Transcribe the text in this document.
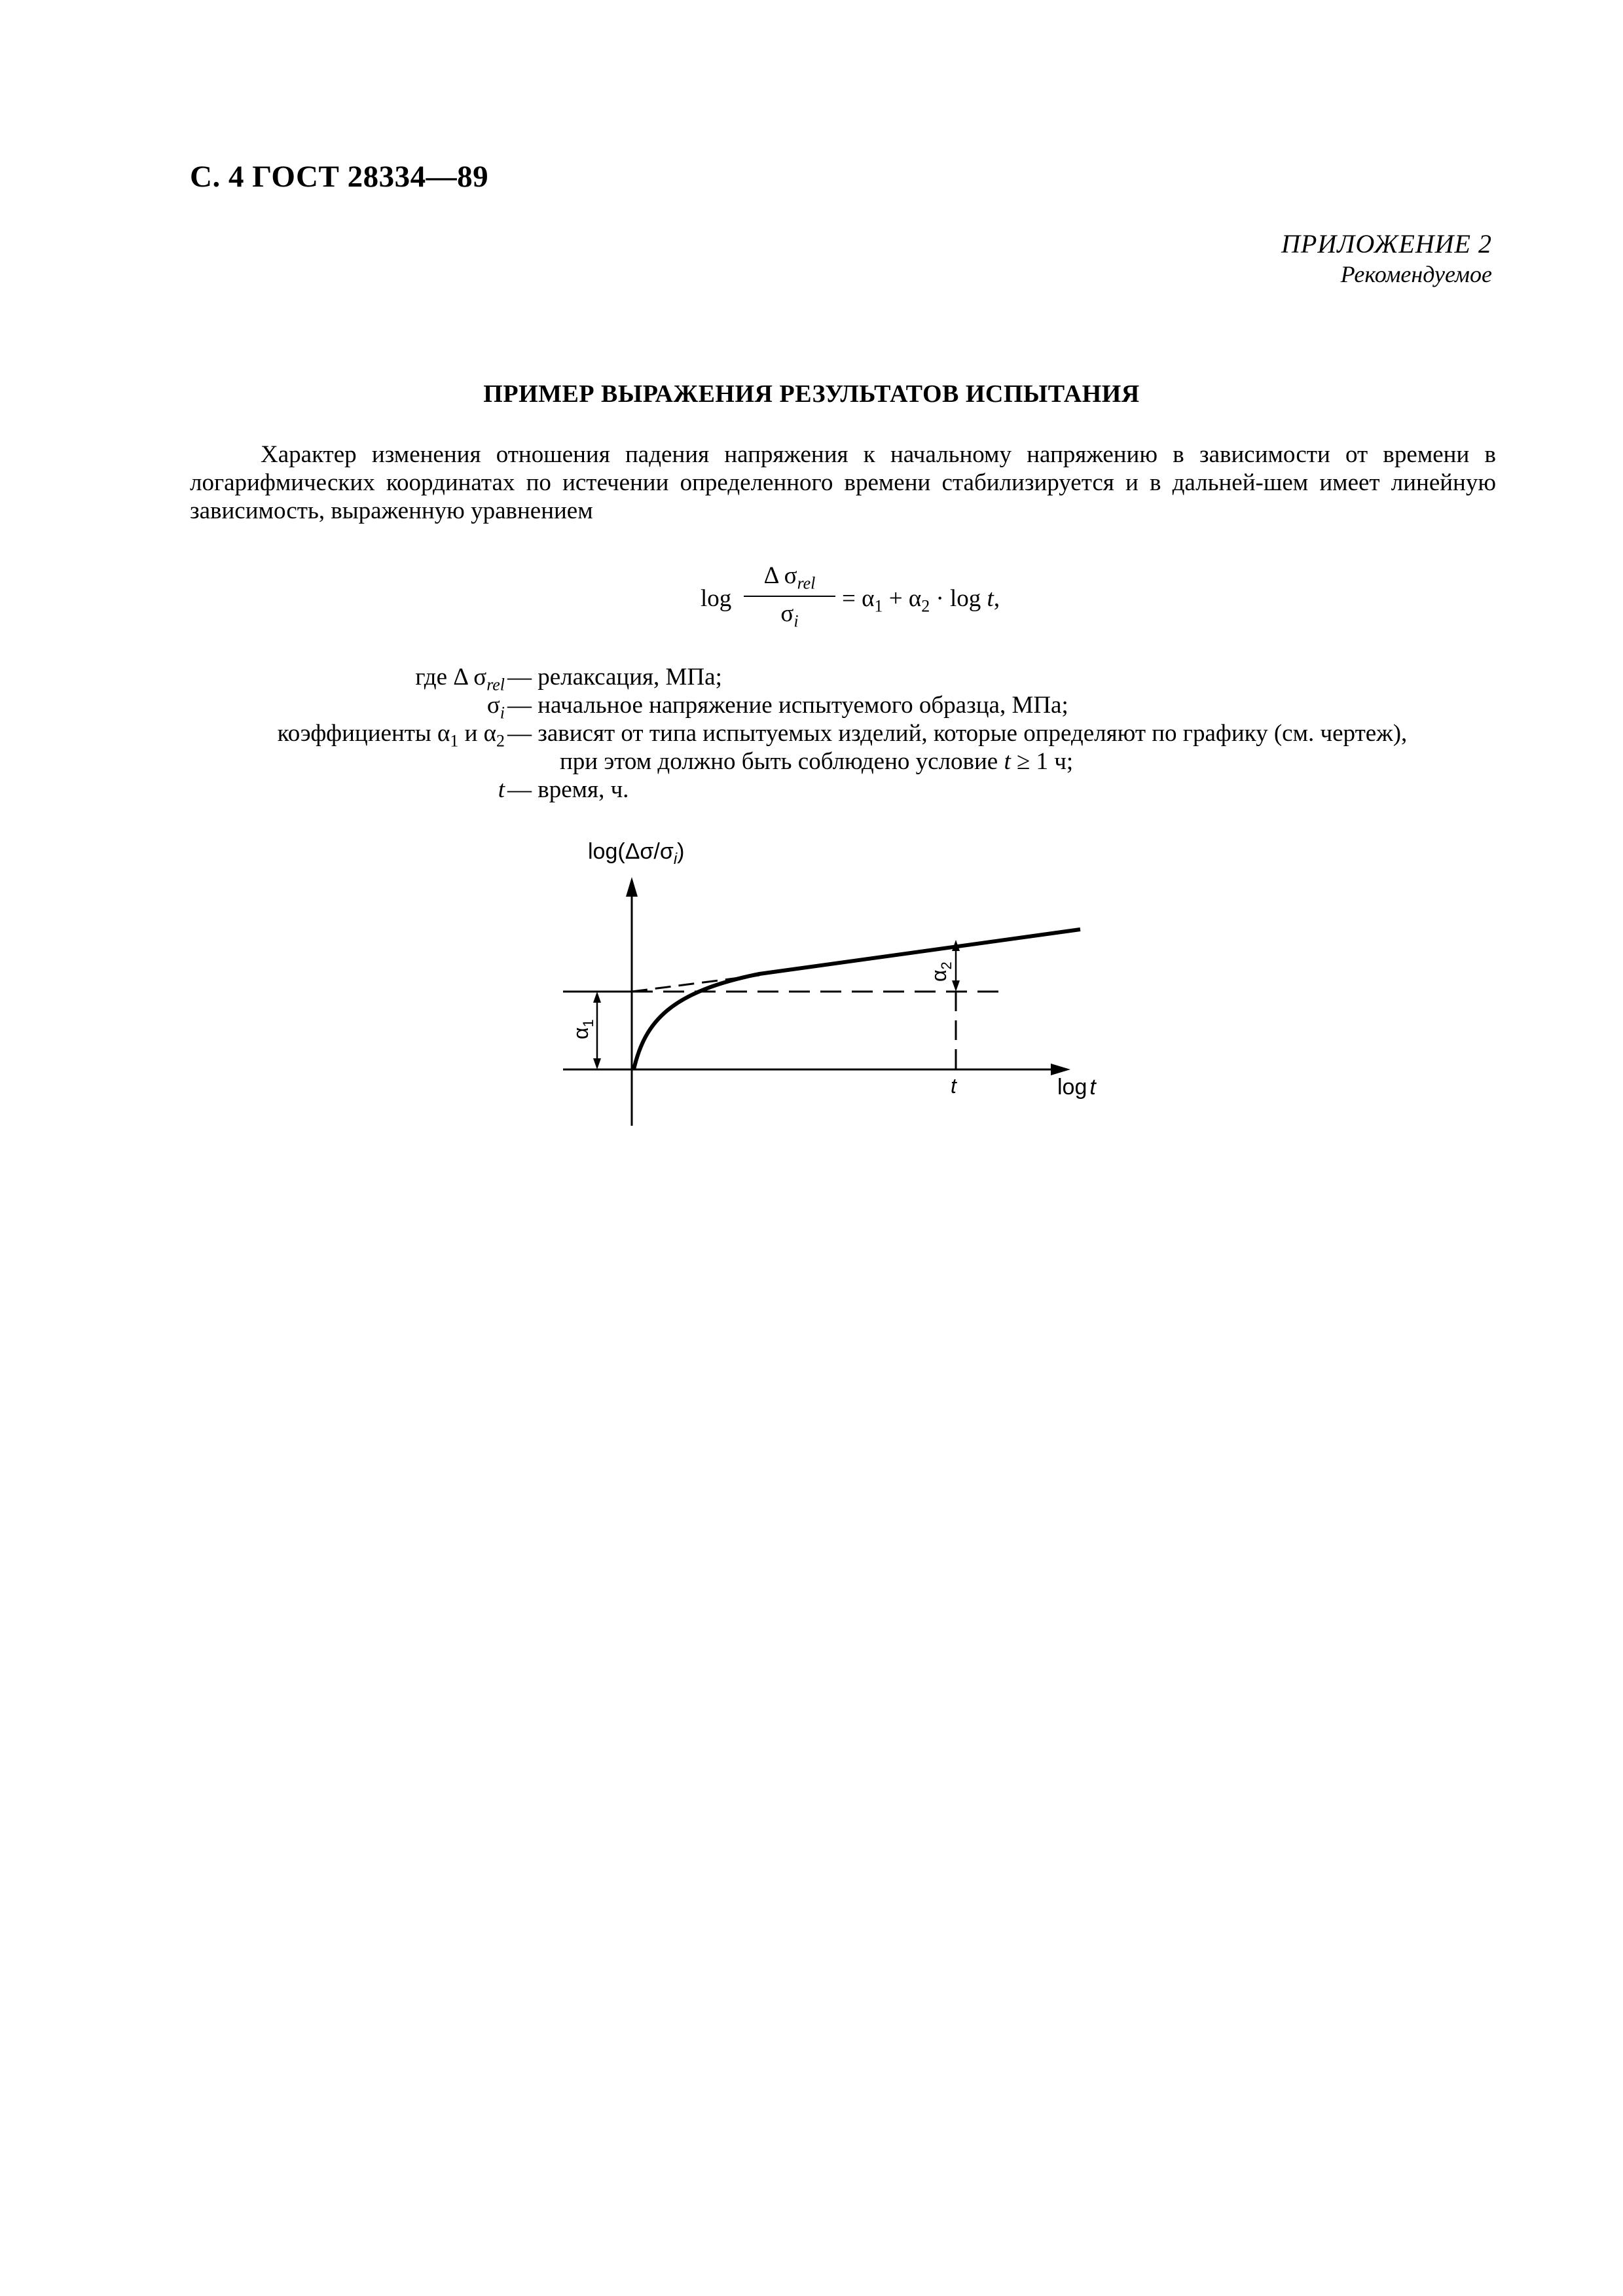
С. 4 ГОСТ 28334—89
ПРИЛОЖЕНИЕ 2
Рекомендуемое
ПРИМЕР ВЫРАЖЕНИЯ РЕЗУЛЬТАТОВ ИСПЫТАНИЯ
Характер изменения отношения падения напряжения к начальному напряжению в зависимости от времени в логарифмических координатах по истечении определенного времени стабилизируется и в дальней-шем имеет линейную зависимость, выраженную уравнением
log
Δ $\sigma_{rel}$
$\sigma_i$
= $\alpha_1 + \alpha_2 \cdot \log t$,
где Δ $\sigma_{rel}$ — релаксация, МПа;
$\sigma_i$ — начальное напряжение испытуемого образца, МПа;
коэффициенты $\alpha_1$ и $\alpha_2$ — зависят от типа испытуемых изделий, которые определяют по графику (см. чертеж),
при этом должно быть соблюдено условие t ≥ 1 ч;
t — время, ч.
$\log(\Delta\sigma/\sigma_i)$
log t
t
$\alpha_1$
$\alpha_2$
